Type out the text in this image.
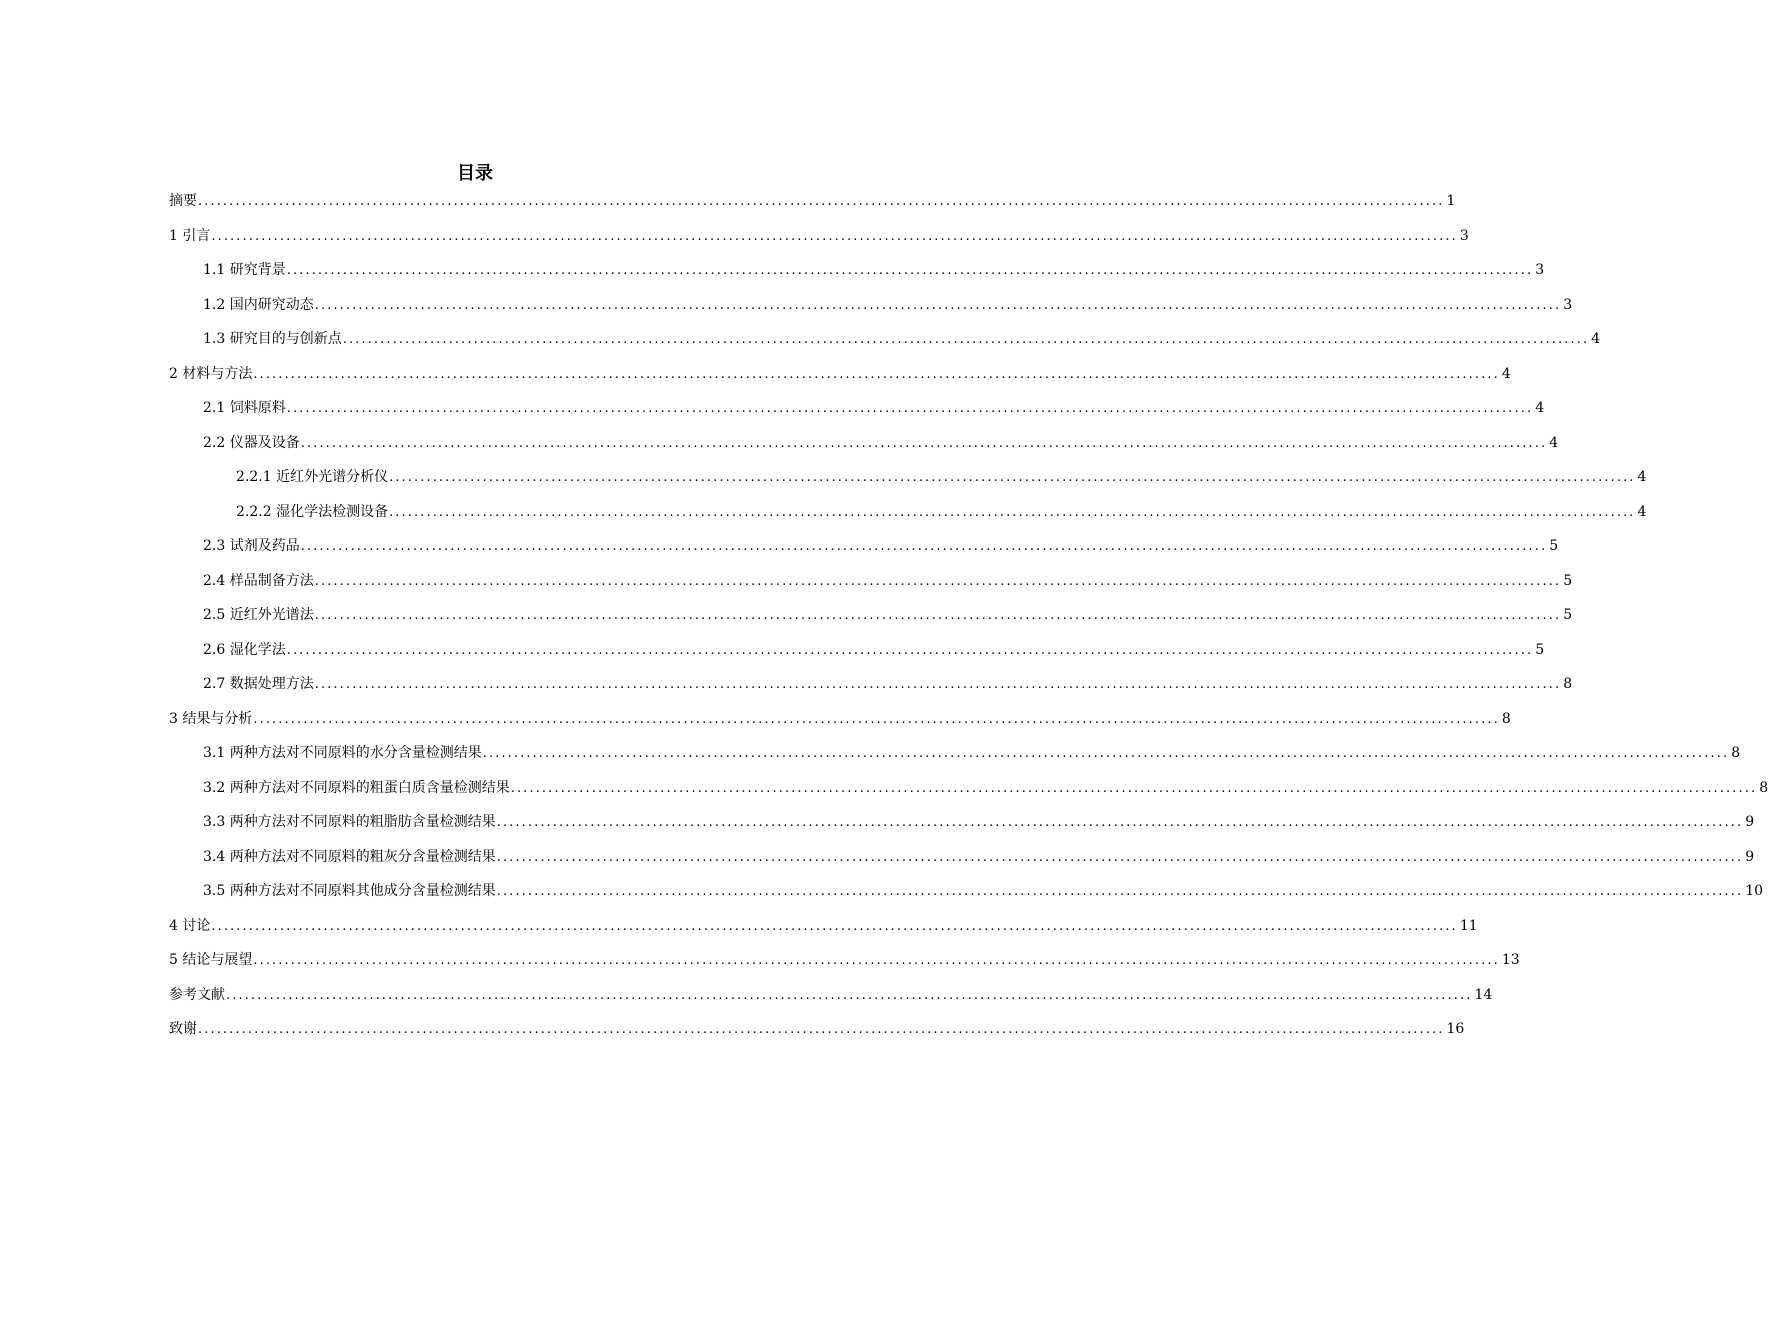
目录
摘要 ........................................................................................................................................................................................................ 1
1 引言 ........................................................................................................................................................................................................ 3
1.1 研究背景 ........................................................................................................................................................................................................ 3
1.2 国内研究动态 ........................................................................................................................................................................................................ 3
1.3 研究目的与创新点 ........................................................................................................................................................................................................ 4
2 材料与方法 ........................................................................................................................................................................................................ 4
2.1 饲料原料 ........................................................................................................................................................................................................ 4
2.2 仪器及设备 ........................................................................................................................................................................................................ 4
2.2.1 近红外光谱分析仪 ........................................................................................................................................................................................................ 4
2.2.2 湿化学法检测设备 ........................................................................................................................................................................................................ 4
2.3 试剂及药品 ........................................................................................................................................................................................................ 5
2.4 样品制备方法 ........................................................................................................................................................................................................ 5
2.5 近红外光谱法 ........................................................................................................................................................................................................ 5
2.6 湿化学法 ........................................................................................................................................................................................................ 5
2.7 数据处理方法 ........................................................................................................................................................................................................ 8
3 结果与分析 ........................................................................................................................................................................................................ 8
3.1 两种方法对不同原料的水分含量检测结果 ........................................................................................................................................................................................................ 8
3.2 两种方法对不同原料的粗蛋白质含量检测结果 ........................................................................................................................................................................................................ 8
3.3 两种方法对不同原料的粗脂肪含量检测结果 ........................................................................................................................................................................................................ 9
3.4 两种方法对不同原料的粗灰分含量检测结果 ........................................................................................................................................................................................................ 9
3.5 两种方法对不同原料其他成分含量检测结果 ........................................................................................................................................................................................................ 10
4 讨论 ........................................................................................................................................................................................................ 11
5 结论与展望 ........................................................................................................................................................................................................ 13
参考文献 ........................................................................................................................................................................................................ 14
致谢 ........................................................................................................................................................................................................ 16
